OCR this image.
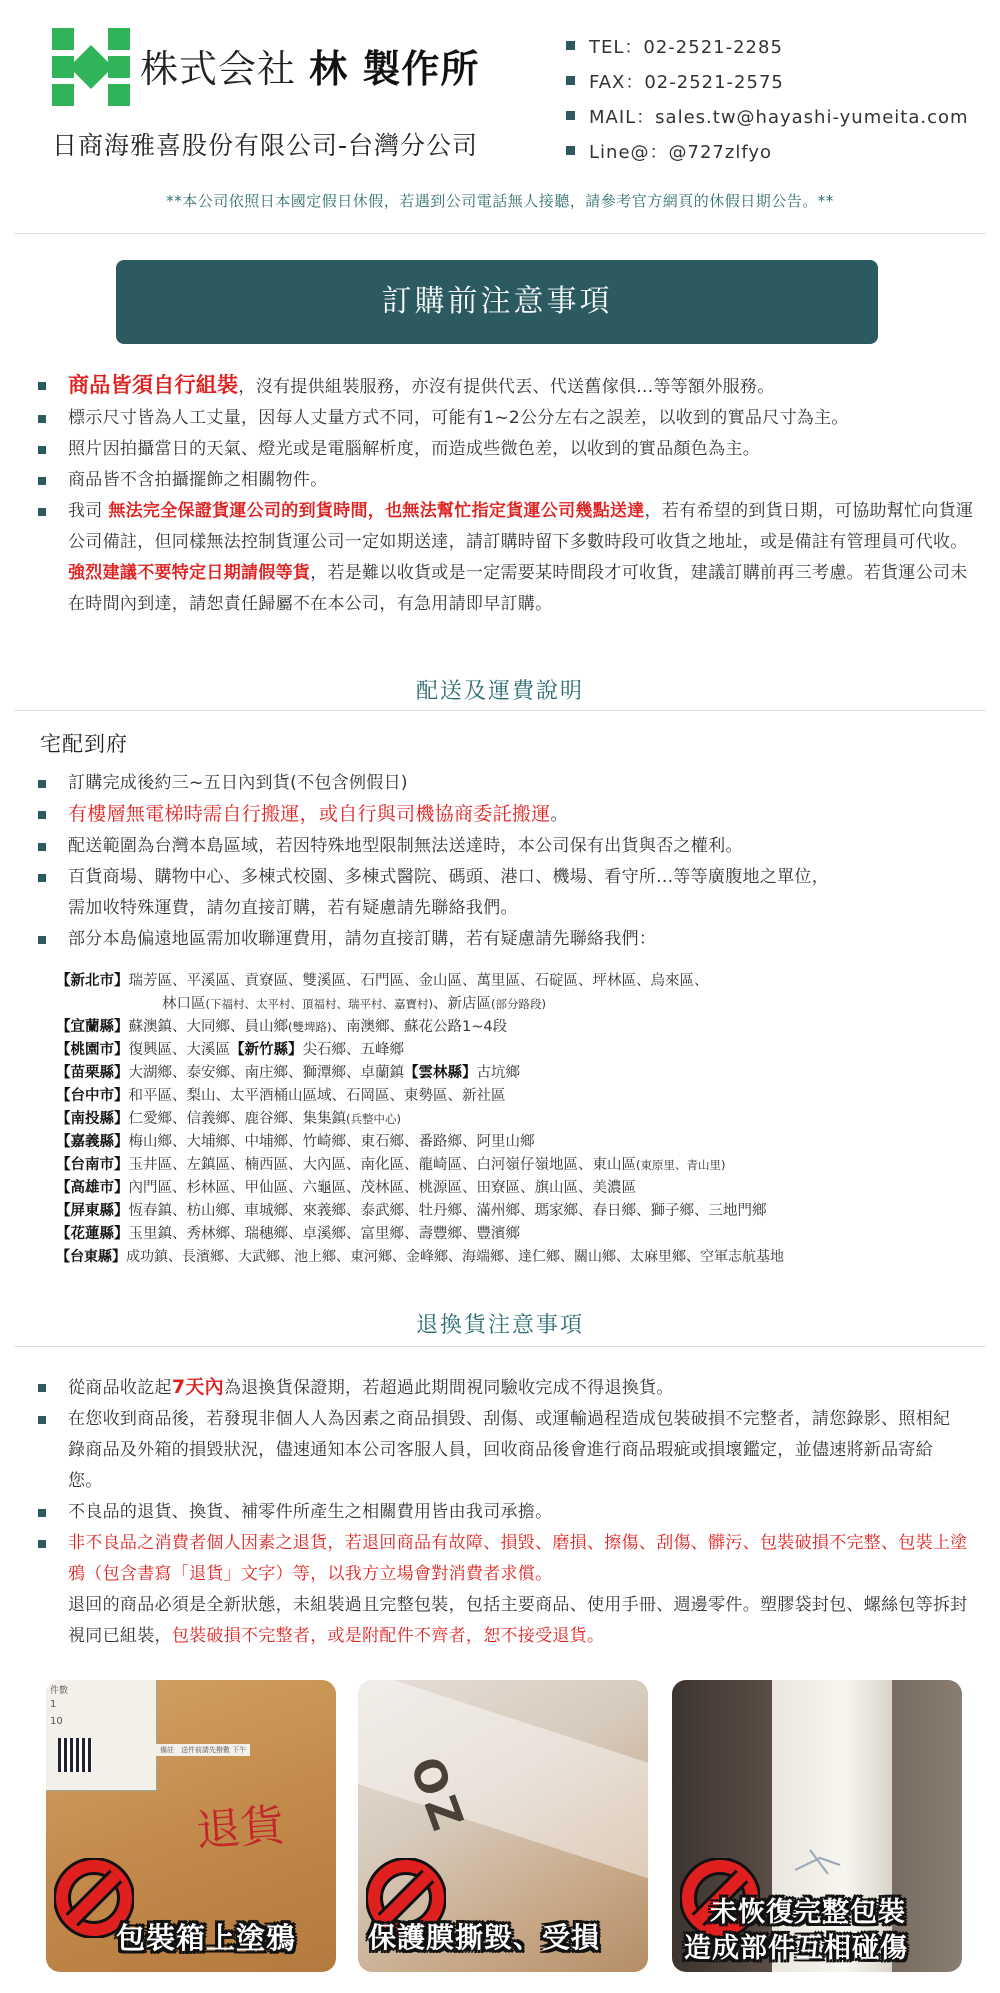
株式会社 林 製作所
日商海雅喜股份有限公司-台灣分公司
TEL：02-2521-2285
FAX：02-2521-2575
MAIL：sales.tw@hayashi-yumeita.com
Line@：@727zlfyo
**本公司依照日本國定假日休假，若遇到公司電話無人接聽，請參考官方網頁的休假日期公告。**
訂購前注意事項
商品皆須自行組裝，沒有提供組裝服務，亦沒有提供代丟、代送舊傢俱...等等額外服務。
標示尺寸皆為人工丈量，因每人丈量方式不同，可能有1~2公分左右之誤差，以收到的實品尺寸為主。
照片因拍攝當日的天氣、燈光或是電腦解析度，而造成些微色差，以收到的實品顏色為主。
商品皆不含拍攝擺飾之相關物件。
我司 無法完全保證貨運公司的到貨時間，也無法幫忙指定貨運公司幾點送達，若有希望的到貨日期，可協助幫忙向貨運公司備註，但同樣無法控制貨運公司一定如期送達，請訂購時留下多數時段可收貨之地址，或是備註有管理員可代收。強烈建議不要特定日期請假等貨，若是難以收貨或是一定需要某時間段才可收貨，建議訂購前再三考慮。若貨運公司未在時間內到達，請恕責任歸屬不在本公司，有急用請即早訂購。
配送及運費說明
宅配到府
訂購完成後約三~五日內到貨(不包含例假日)
有樓層無電梯時需自行搬運，或自行與司機協商委託搬運。
配送範圍為台灣本島區域，若因特殊地型限制無法送達時，本公司保有出貨與否之權利。
百貨商場、購物中心、多棟式校園、多棟式醫院、碼頭、港口、機場、看守所...等等廣腹地之單位，需加收特殊運費，請勿直接訂購，若有疑慮請先聯絡我們。
部分本島偏遠地區需加收聯運費用，請勿直接訂購，若有疑慮請先聯絡我們：
【新北市】瑞芳區、平溪區、貢寮區、雙溪區、石門區、金山區、萬里區、石碇區、坪林區、烏來區、
林口區(下福村、太平村、頂福村、瑞平村、嘉寶村)、新店區(部分路段)
【宜蘭縣】蘇澳鎮、大同鄉、員山鄉(雙埤路)、南澳鄉、蘇花公路1~4段
【桃園市】復興區、大溪區【新竹縣】尖石鄉、五峰鄉
【苗栗縣】大湖鄉、泰安鄉、南庄鄉、獅潭鄉、卓蘭鎮【雲林縣】古坑鄉
【台中市】和平區、梨山、太平酒桶山區域、石岡區、東勢區、新社區
【南投縣】仁愛鄉、信義鄉、鹿谷鄉、集集鎮(兵整中心)
【嘉義縣】梅山鄉、大埔鄉、中埔鄉、竹崎鄉、東石鄉、番路鄉、阿里山鄉
【台南市】玉井區、左鎮區、楠西區、大內區、南化區、龍崎區、白河嶺仔嶺地區、東山區(東原里、青山里)
【高雄市】內門區、杉林區、甲仙區、六龜區、茂林區、桃源區、田寮區、旗山區、美濃區
【屏東縣】恆春鎮、枋山鄉、車城鄉、來義鄉、泰武鄉、牡丹鄉、滿州鄉、瑪家鄉、春日鄉、獅子鄉、三地門鄉
【花蓮縣】玉里鎮、秀林鄉、瑞穗鄉、卓溪鄉、富里鄉、壽豐鄉、豐濱鄉
【台東縣】成功鎮、長濱鄉、大武鄉、池上鄉、東河鄉、金峰鄉、海端鄉、達仁鄉、關山鄉、太麻里鄉、空軍志航基地
退換貨注意事項
從商品收訖起7天內為退換貨保證期，若超過此期間視同驗收完成不得退換貨。
在您收到商品後，若發現非個人人為因素之商品損毀、刮傷、或運輸過程造成包裝破損不完整者，請您錄影、照相紀錄商品及外箱的損毀狀況，儘速通知本公司客服人員，回收商品後會進行商品瑕疵或損壞鑑定，並儘速將新品寄給您。
不良品的退貨、換貨、補零件所產生之相關費用皆由我司承擔。
非不良品之消費者個人因素之退貨，若退回商品有故障、損毀、磨損、擦傷、刮傷、髒污、包裝破損不完整、包裝上塗鴉（包含書寫「退貨」文字）等，以我方立場會對消費者求償。
退回的商品必須是全新狀態，未組裝過且完整包裝，包括主要商品、使用手冊、週邊零件。塑膠袋封包、螺絲包等拆封視同已組裝，包裝破損不完整者，或是附配件不齊者，恕不接受退貨。
件數
1
10
備註　送件前請先撥數 下午
退貨
包裝箱上塗鴉
OZ
保護膜撕毀、受損
未恢復完整包裝
造成部件互相碰傷
